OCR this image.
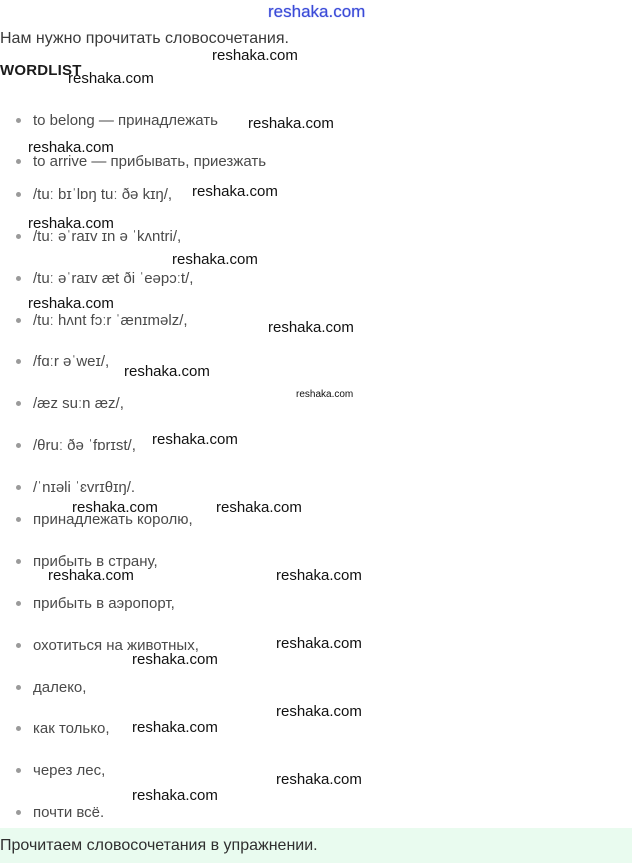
reshaka.com
Нам нужно прочитать словосочетания.
WORDLIST
to belong — принадлежать
to arrive — прибывать, приезжать
/tuː bɪˈlɒŋ tuː ðə kɪŋ/,
/tuː əˈraɪv ɪn ə ˈkʌntri/,
/tuː əˈraɪv æt ði ˈeəpɔːt/,
/tuː hʌnt fɔːr ˈænɪməlz/,
/fɑːr əˈweɪ/,
/æz suːn æz/,
/θruː ðə ˈfɒrɪst/,
/ˈnɪəli ˈɛvrɪθɪŋ/.
принадлежать королю,
прибыть в страну,
прибыть в аэропорт,
охотиться на животных,
далеко,
как только,
через лес,
почти всё.
reshaka.com
reshaka.com
reshaka.com
reshaka.com
reshaka.com
reshaka.com
reshaka.com
reshaka.com
reshaka.com
reshaka.com
reshaka.com
reshaka.com
reshaka.com	reshaka.com
reshaka.com	reshaka.com
reshaka.com
reshaka.com
reshaka.com
reshaka.com
reshaka.com
reshaka.com
Прочитаем словосочетания в упражнении.
